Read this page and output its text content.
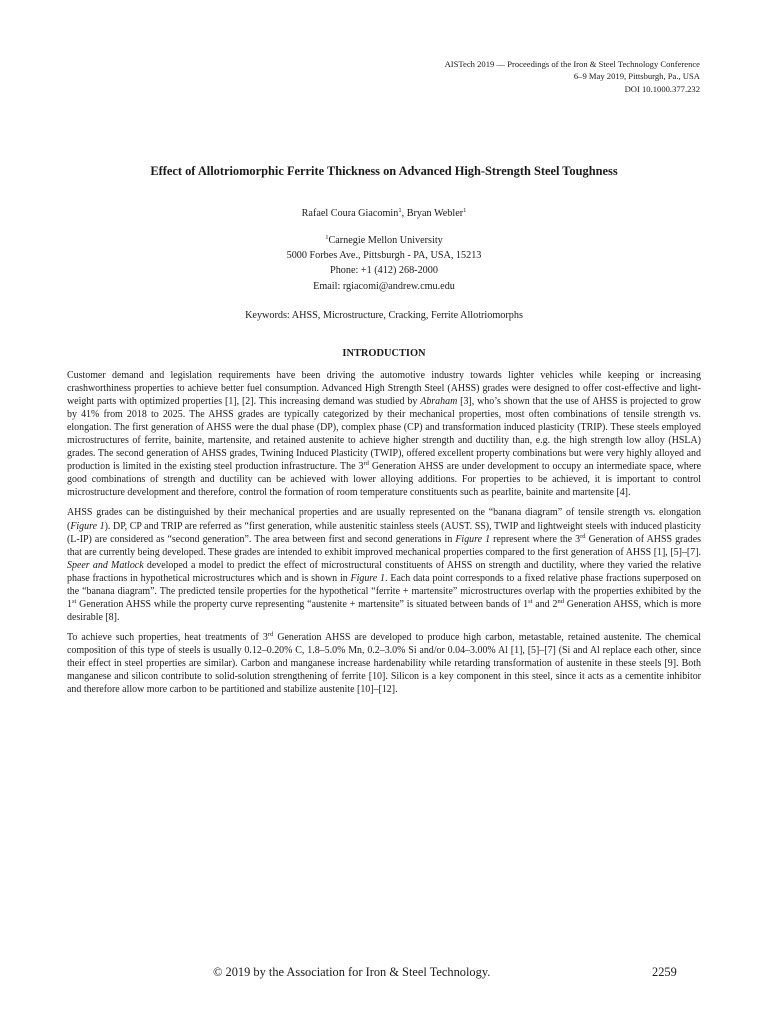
AISTech 2019 — Proceedings of the Iron & Steel Technology Conference
6–9 May 2019, Pittsburgh, Pa., USA
DOI 10.1000.377.232
Effect of Allotriomorphic Ferrite Thickness on Advanced High-Strength Steel Toughness
Rafael Coura Giacomin$^1$, Bryan Webler$^1$
$^1$Carnegie Mellon University
5000 Forbes Ave., Pittsburgh - PA, USA, 15213
Phone: +1 (412) 268-2000
Email: rgiacomi@andrew.cmu.edu
Keywords: AHSS, Microstructure, Cracking, Ferrite Allotriomorphs
INTRODUCTION

Customer demand and legislation requirements have been driving the automotive industry towards lighter vehicles while keeping or increasing crashworthiness properties to achieve better fuel consumption. Advanced High Strength Steel (AHSS) grades were designed to offer cost-effective and light-weight parts with optimized properties [1], [2]. This increasing demand was studied by Abraham [3], who’s shown that the use of AHSS is projected to grow by 41% from 2018 to 2025. The AHSS grades are typically categorized by their mechanical properties, most often combinations of tensile strength vs. elongation. The first generation of AHSS were the dual phase (DP), complex phase (CP) and transformation induced plasticity (TRIP). These steels employed microstructures of ferrite, bainite, martensite, and retained austenite to achieve higher strength and ductility than, e.g. the high strength low alloy (HSLA) grades. The second generation of AHSS grades, Twining Induced Plasticity (TWIP), offered excellent property combinations but were very highly alloyed and production is limited in the existing steel production infrastructure. The 3rd Generation AHSS are under development to occupy an intermediate space, where good combinations of strength and ductility can be achieved with lower alloying additions. For properties to be achieved, it is important to control microstructure development and therefore, control the formation of room temperature constituents such as pearlite, bainite and martensite [4].

AHSS grades can be distinguished by their mechanical properties and are usually represented on the “banana diagram” of tensile strength vs. elongation (Figure 1). DP, CP and TRIP are referred as “first generation, while austenitic stainless steels (AUST. SS), TWIP and lightweight steels with induced plasticity (L-IP) are considered as “second generation”. The area between first and second generations in Figure 1 represent where the 3rd Generation of AHSS grades that are currently being developed. These grades are intended to exhibit improved mechanical properties compared to the first generation of AHSS [1], [5]–[7]. Speer and Matlock developed a model to predict the effect of microstructural constituents of AHSS on strength and ductility, where they varied the relative phase fractions in hypothetical microstructures which and is shown in Figure 1. Each data point corresponds to a fixed relative phase fractions superposed on the “banana diagram”. The predicted tensile properties for the hypothetical “ferrite + martensite” microstructures overlap with the properties exhibited by the 1st Generation AHSS while the property curve representing “austenite + martensite” is situated between bands of 1st and 2nd Generation AHSS, which is more desirable [8].

To achieve such properties, heat treatments of 3rd Generation AHSS are developed to produce high carbon, metastable, retained austenite. The chemical composition of this type of steels is usually 0.12–0.20% C, 1.8–5.0% Mn, 0.2–3.0% Si and/or 0.04–3.00% Al [1], [5]–[7] (Si and Al replace each other, since their effect in steel properties are similar). Carbon and manganese increase hardenability while retarding transformation of austenite in these steels [9]. Both manganese and silicon contribute to solid-solution strengthening of ferrite [10]. Silicon is a key component in this steel, since it acts as a cementite inhibitor and therefore allow more carbon to be partitioned and stabilize austenite [10]–[12].

© 2019 by the Association for Iron & Steel Technology.	2259
